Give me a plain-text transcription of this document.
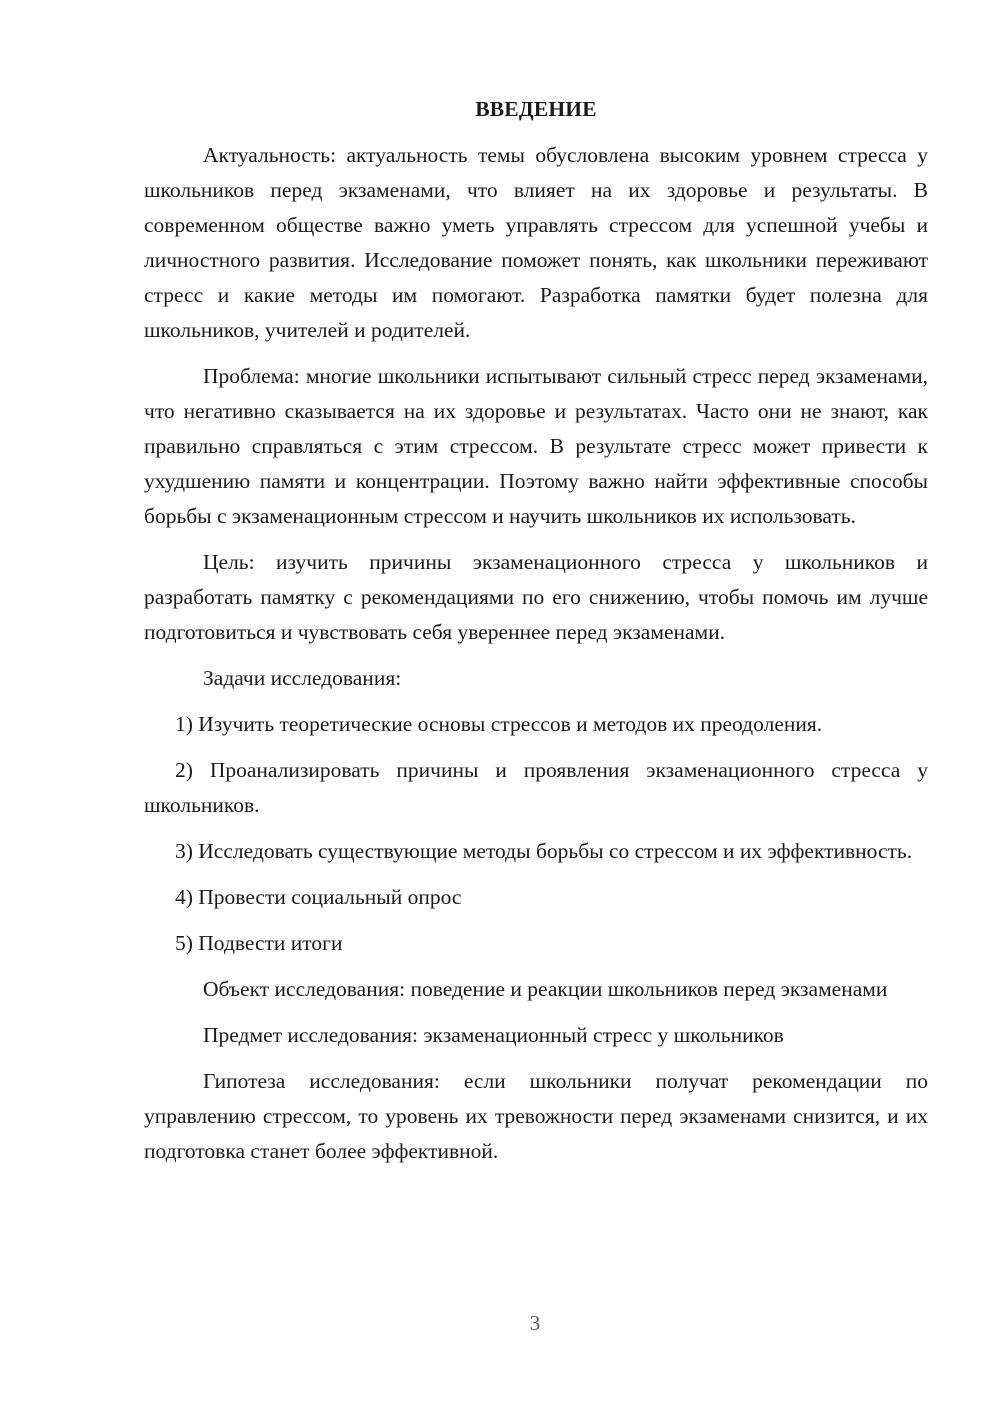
ВВЕДЕНИЕ

Актуальность: актуальность темы обусловлена высоким уровнем стресса у школьников перед экзаменами, что влияет на их здоровье и результаты. В современном обществе важно уметь управлять стрессом для успешной учебы и личностного развития. Исследование поможет понять, как школьники переживают стресс и какие методы им помогают. Разработка памятки будет полезна для школьников, учителей и родителей.

Проблема: многие школьники испытывают сильный стресс перед экзаменами, что негативно сказывается на их здоровье и результатах. Часто они не знают, как правильно справляться с этим стрессом. В результате стресс может привести к ухудшению памяти и концентрации. Поэтому важно найти эффективные способы борьбы с экзаменационным стрессом и научить школьников их использовать.

Цель: изучить причины экзаменационного стресса у школьников и разработать памятку с рекомендациями по его снижению, чтобы помочь им лучше подготовиться и чувствовать себя увереннее перед экзаменами.

Задачи исследования:

1) Изучить теоретические основы стрессов и методов их преодоления.

2) Проанализировать причины и проявления экзаменационного стресса у школьников.

3) Исследовать существующие методы борьбы со стрессом и их эффективность.

4) Провести социальный опрос

5) Подвести итоги

Объект исследования: поведение и реакции школьников перед экзаменами

Предмет исследования: экзаменационный стресс у школьников

Гипотеза исследования: если школьники получат рекомендации по управлению стрессом, то уровень их тревожности перед экзаменами снизится, и их подготовка станет более эффективной.

3
